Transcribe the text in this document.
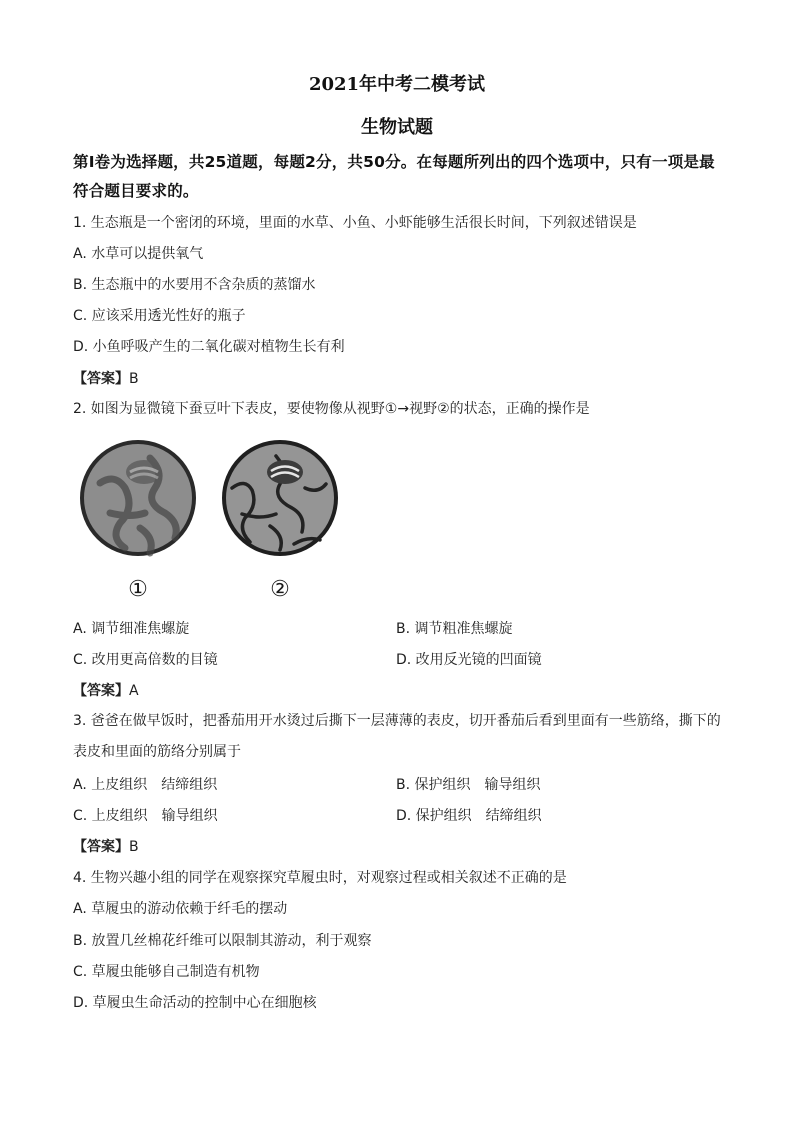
2021年中考二模考试
生物试题
第I卷为选择题，共25道题，每题2分，共50分。在每题所列出的四个选项中，只有一项是最符合题目要求的。
1. 生态瓶是一个密闭的环境，里面的水草、小鱼、小虾能够生活很长时间，下列叙述错误是
A. 水草可以提供氧气
B. 生态瓶中的水要用不含杂质的蒸馏水
C. 应该采用透光性好的瓶子
D. 小鱼呼吸产生的二氧化碳对植物生长有利
【答案】B
2. 如图为显微镜下蚕豆叶下表皮，要使物像从视野①→视野②的状态，正确的操作是
①	②
A. 调节细准焦螺旋	B. 调节粗准焦螺旋
C. 改用更高倍数的目镜	D. 改用反光镜的凹面镜
【答案】A
3. 爸爸在做早饭时，把番茄用开水烫过后撕下一层薄薄的表皮，切开番茄后看到里面有一些筋络，撕下的
表皮和里面的筋络分别属于
A. 上皮组织　结缔组织	B. 保护组织　输导组织
C. 上皮组织　输导组织	D. 保护组织　结缔组织
【答案】B
4. 生物兴趣小组的同学在观察探究草履虫时，对观察过程或相关叙述不正确的是
A. 草履虫的游动依赖于纤毛的摆动
B. 放置几丝棉花纤维可以限制其游动，利于观察
C. 草履虫能够自己制造有机物
D. 草履虫生命活动的控制中心在细胞核
